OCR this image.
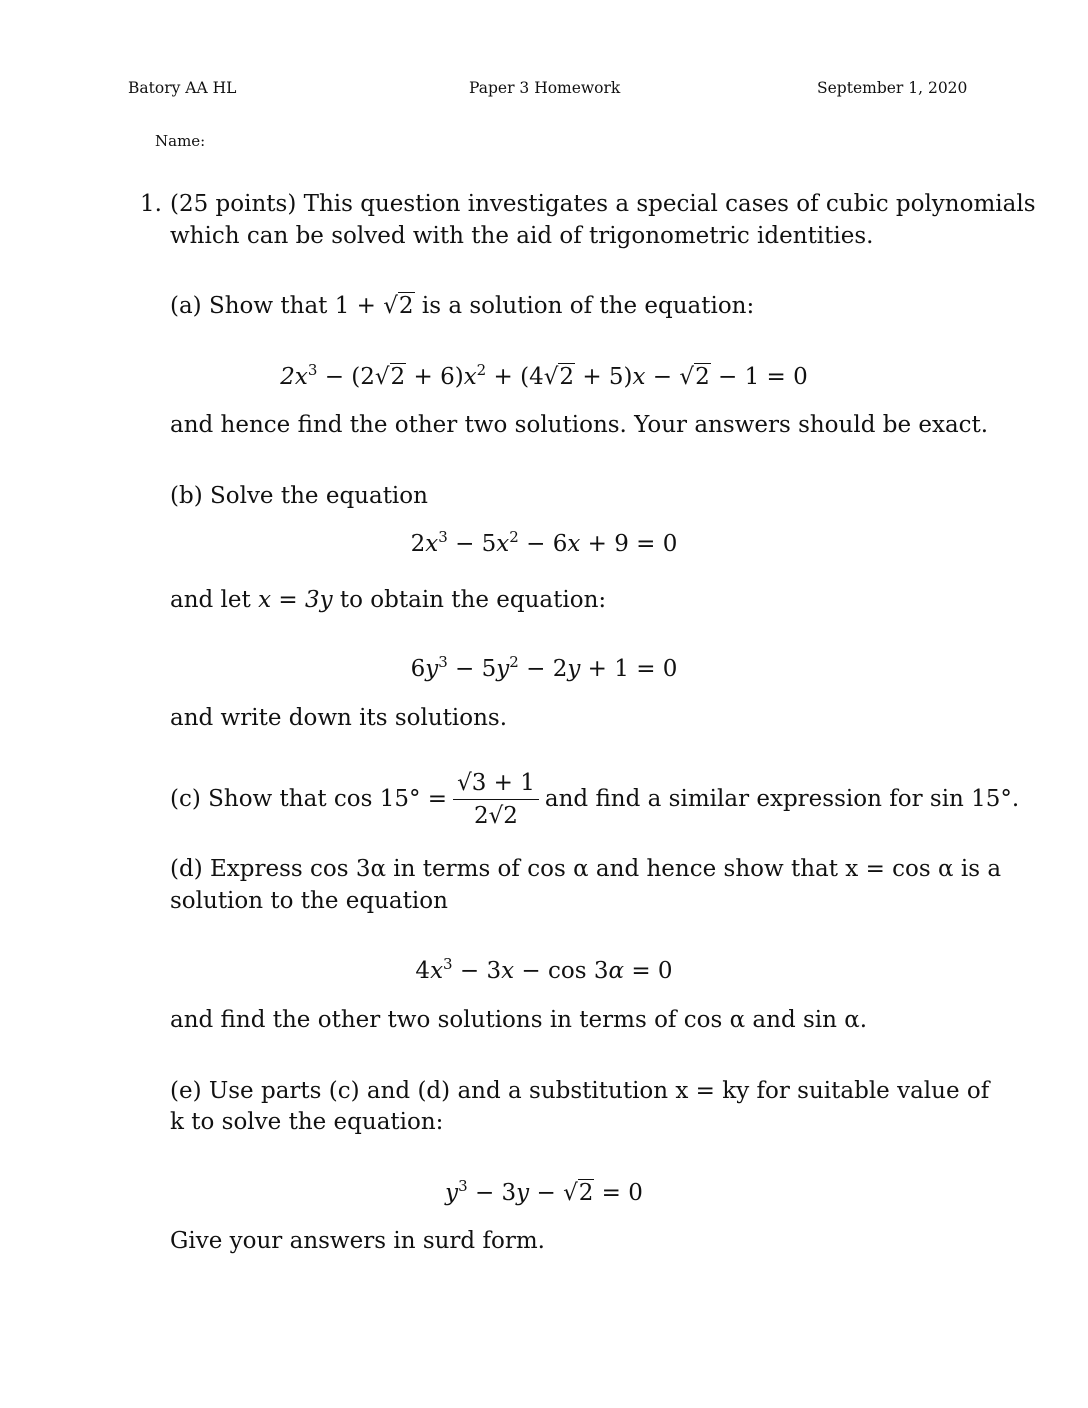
Batory AA HL	Paper 3 Homework	September 1, 2020
Name:
1. (25 points) This question investigates a special cases of cubic polynomials
which can be solved with the aid of trigonometric identities.
(a) Show that 1 + √2 is a solution of the equation:
$2x^3 - (2√2 + 6)x^2 + (4√2 + 5)x - √2 - 1 = 0$
and hence find the other two solutions. Your answers should be exact.
(b) Solve the equation
$2x^3 - 5x^2 - 6x + 9 = 0$
and let x = 3y to obtain the equation:
$6y^3 - 5y^2 - 2y + 1 = 0$
and write down its solutions.
(c) Show that $\cos 15^\circ = \frac{√3 + 1}{2√2}$ and find a similar expression for sin 15°.
(d) Express cos 3α in terms of cos α and hence show that x = cos α is a
solution to the equation
$4x^3 - 3x - \cos 3\alpha = 0$
and find the other two solutions in terms of cos α and sin α.
(e) Use parts (c) and (d) and a substitution x = ky for suitable value of
k to solve the equation:
$y^3 - 3y - √2 = 0$
Give your answers in surd form.
